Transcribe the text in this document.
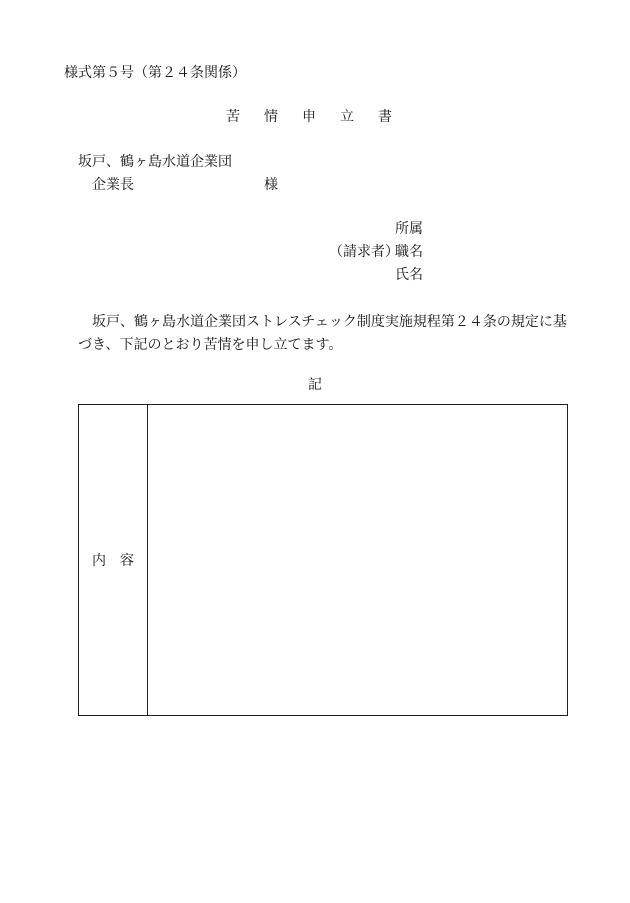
様式第５号（第２４条関係）
苦情申立書
坂戸、鶴ヶ島水道企業団
企業長	様
所属
（請求者）
職名
氏名
坂戸、鶴ヶ島水道企業団ストレスチェック制度実施規程第２４条の規定に基づき、下記のとおり苦情を申し立てます。
記
内容
